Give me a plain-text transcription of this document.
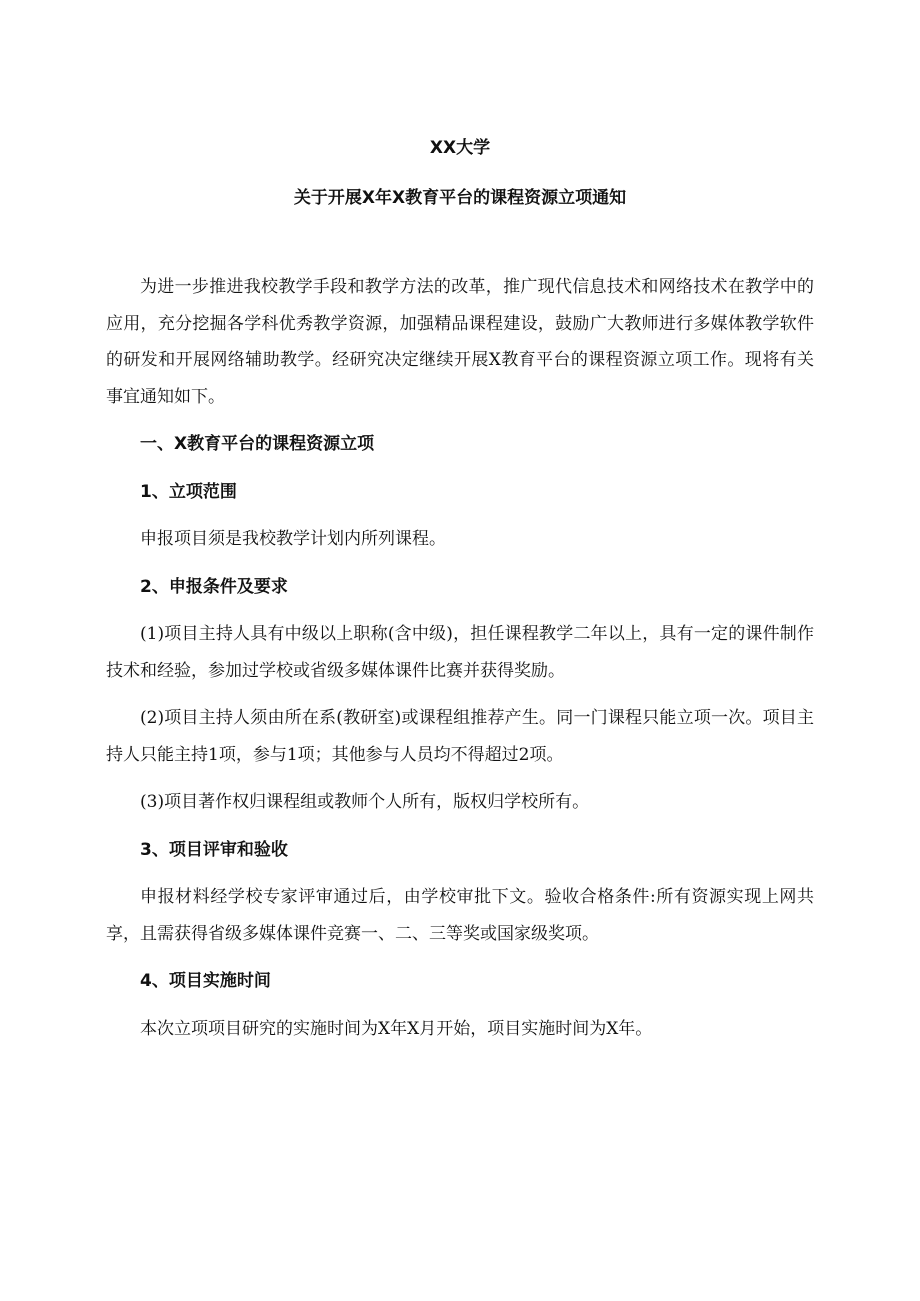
XX大学
关于开展X年X教育平台的课程资源立项通知

为进一步推进我校教学手段和教学方法的改革，推广现代信息技术和网络技术在教学中的应用，充分挖掘各学科优秀教学资源，加强精品课程建设，鼓励广大教师进行多媒体教学软件的研发和开展网络辅助教学。经研究决定继续开展X教育平台的课程资源立项工作。现将有关事宜通知如下。

一、X教育平台的课程资源立项

1、立项范围

申报项目须是我校教学计划内所列课程。

2、申报条件及要求

(1)项目主持人具有中级以上职称(含中级)，担任课程教学二年以上，具有一定的课件制作技术和经验，参加过学校或省级多媒体课件比赛并获得奖励。

(2)项目主持人须由所在系(教研室)或课程组推荐产生。同一门课程只能立项一次。项目主持人只能主持1项，参与1项；其他参与人员均不得超过2项。

(3)项目著作权归课程组或教师个人所有，版权归学校所有。

3、项目评审和验收

申报材料经学校专家评审通过后，由学校审批下文。验收合格条件:所有资源实现上网共享，且需获得省级多媒体课件竞赛一、二、三等奖或国家级奖项。

4、项目实施时间

本次立项项目研究的实施时间为X年X月开始，项目实施时间为X年。
